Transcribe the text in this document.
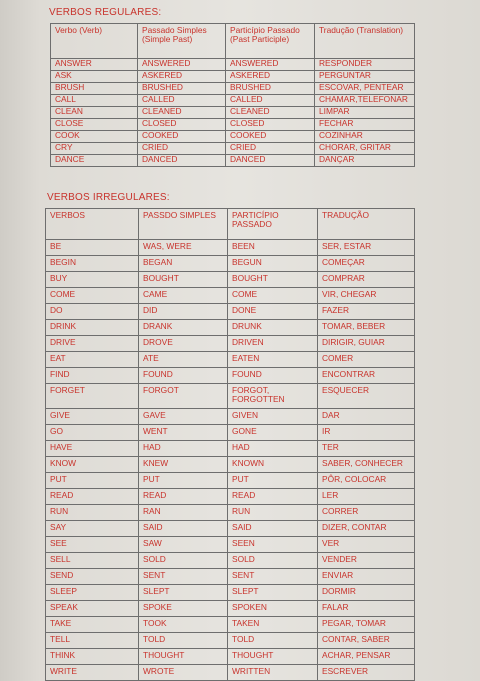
VERBOS REGULARES:
Verbo (Verb)	Passado Simples (Simple Past)	Particípio Passado (Past Participle)	Tradução (Translation)
ANSWER	ANSWERED	ANSWERED	RESPONDER
ASK	ASKERED	ASKERED	PERGUNTAR
BRUSH	BRUSHED	BRUSHED	ESCOVAR, PENTEAR
CALL	CALLED	CALLED	CHAMAR,TELEFONAR
CLEAN	CLEANED	CLEANED	LIMPAR
CLOSE	CLOSED	CLOSED	FECHAR
COOK	COOKED	COOKED	COZINHAR
CRY	CRIED	CRIED	CHORAR, GRITAR
DANCE	DANCED	DANCED	DANÇAR
VERBOS IRREGULARES:
VERBOS	PASSDO SIMPLES	PARTICÍPIO PASSADO	TRADUÇÃO
BE	WAS, WERE	BEEN	SER, ESTAR
BEGIN	BEGAN	BEGUN	COMEÇAR
BUY	BOUGHT	BOUGHT	COMPRAR
COME	CAME	COME	VIR, CHEGAR
DO	DID	DONE	FAZER
DRINK	DRANK	DRUNK	TOMAR, BEBER
DRIVE	DROVE	DRIVEN	DIRIGIR, GUIAR
EAT	ATE	EATEN	COMER
FIND	FOUND	FOUND	ENCONTRAR
FORGET	FORGOT	FORGOT, FORGOTTEN	ESQUECER
GIVE	GAVE	GIVEN	DAR
GO	WENT	GONE	IR
HAVE	HAD	HAD	TER
KNOW	KNEW	KNOWN	SABER, CONHECER
PUT	PUT	PUT	PÔR, COLOCAR
READ	READ	READ	LER
RUN	RAN	RUN	CORRER
SAY	SAID	SAID	DIZER, CONTAR
SEE	SAW	SEEN	VER
SELL	SOLD	SOLD	VENDER
SEND	SENT	SENT	ENVIAR
SLEEP	SLEPT	SLEPT	DORMIR
SPEAK	SPOKE	SPOKEN	FALAR
TAKE	TOOK	TAKEN	PEGAR, TOMAR
TELL	TOLD	TOLD	CONTAR, SABER
THINK	THOUGHT	THOUGHT	ACHAR, PENSAR
WRITE	WROTE	WRITTEN	ESCREVER
